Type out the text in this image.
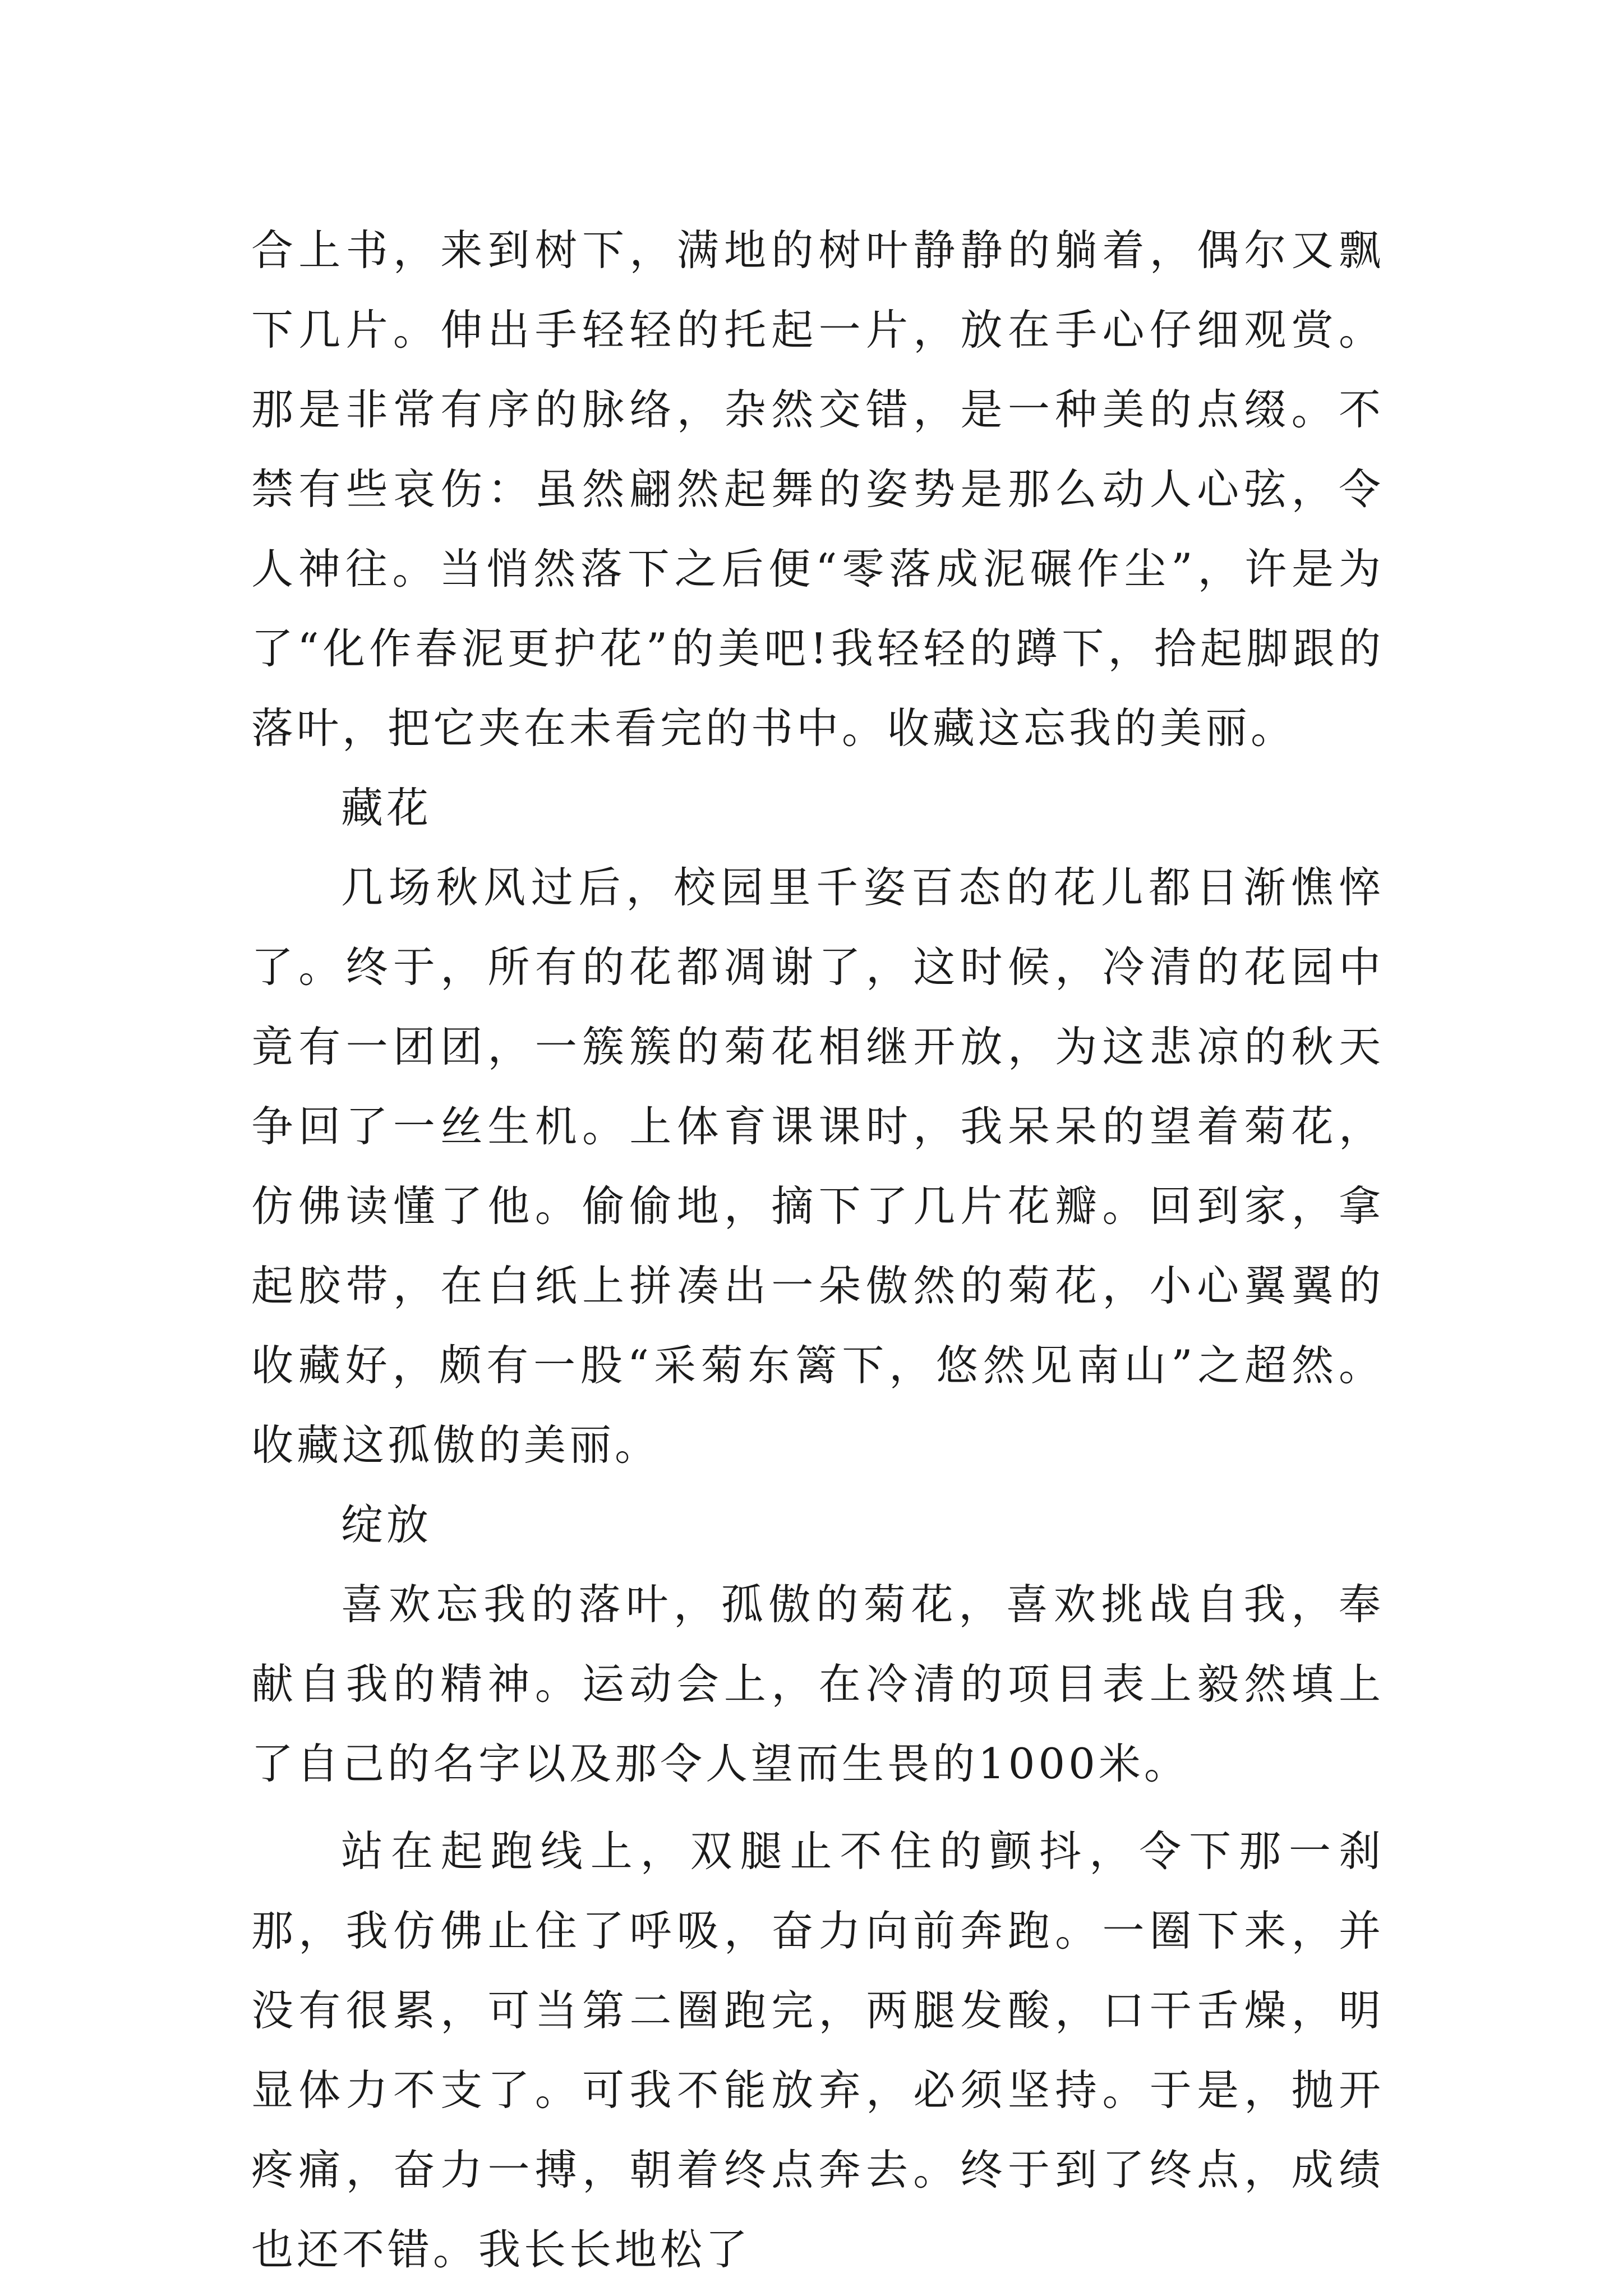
合上书，来到树下，满地的树叶静静的躺着，偶尔又飘下几片。伸出手轻轻的托起一片，放在手心仔细观赏。那是非常有序的脉络，杂然交错，是一种美的点缀。不禁有些哀伤：虽然翩然起舞的姿势是那么动人心弦，令人神往。当悄然落下之后便“零落成泥碾作尘”，许是为了“化作春泥更护花”的美吧!我轻轻的蹲下，拾起脚跟的落叶，把它夹在未看完的书中。收藏这忘我的美丽。

藏花

几场秋风过后，校园里千姿百态的花儿都日渐憔悴了。终于，所有的花都凋谢了，这时候，冷清的花园中竟有一团团，一簇簇的菊花相继开放，为这悲凉的秋天争回了一丝生机。上体育课课时，我呆呆的望着菊花，仿佛读懂了他。偷偷地，摘下了几片花瓣。回到家，拿起胶带，在白纸上拼凑出一朵傲然的菊花，小心翼翼的收藏好，颇有一股“采菊东篱下，悠然见南山”之超然。收藏这孤傲的美丽。

绽放

喜欢忘我的落叶，孤傲的菊花，喜欢挑战自我，奉献自我的精神。运动会上，在冷清的项目表上毅然填上了自己的名字以及那令人望而生畏的1000米。

站在起跑线上，双腿止不住的颤抖，令下那一刹那，我仿佛止住了呼吸，奋力向前奔跑。一圈下来，并没有很累，可当第二圈跑完，两腿发酸，口干舌燥，明显体力不支了。可我不能放弃，必须坚持。于是，抛开疼痛，奋力一搏，朝着终点奔去。终于到了终点，成绩也还不错。我长长地松了
